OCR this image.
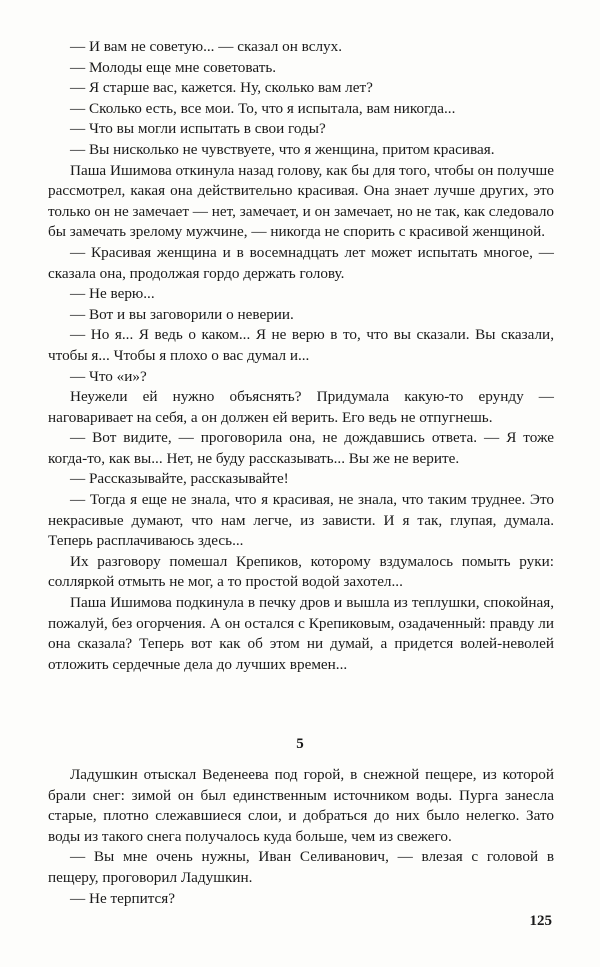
— И вам не советую... — сказал он вслух.

— Молоды еще мне советовать.

— Я старше вас, кажется. Ну, сколько вам лет?

— Сколько есть, все мои. То, что я испытала, вам никогда...

— Что вы могли испытать в свои годы?

— Вы нисколько не чувствуете, что я женщина, притом красивая.

Паша Ишимова откинула назад голову, как бы для того, чтобы он получше рассмотрел, какая она действительно красивая. Она знает лучше других, это только он не замечает — нет, замечает, и он замечает, но не так, как следовало бы замечать зрелому мужчине, — никогда не спорить с красивой женщиной.

— Красивая женщина и в восемнадцать лет может испытать многое, — сказала она, продолжая гордо держать голову.

— Не верю...

— Вот и вы заговорили о неверии.

— Но я... Я ведь о каком... Я не верю в то, что вы сказали. Вы сказали, чтобы я... Чтобы я плохо о вас думал и...

— Что «и»?

Неужели ей нужно объяснять? Придумала какую-то ерунду — наговаривает на себя, а он должен ей верить. Его ведь не отпугнешь.

— Вот видите, — проговорила она, не дождавшись ответа. — Я тоже когда-то, как вы... Нет, не буду рассказывать... Вы же не верите.

— Рассказывайте, рассказывайте!

— Тогда я еще не знала, что я красивая, не знала, что таким труднее. Это некрасивые думают, что нам легче, из зависти. И я так, глупая, думала. Теперь расплачиваюсь здесь...

Их разговору помешал Крепиков, которому вздумалось помыть руки: солляркой отмыть не мог, а то простой водой захотел...

Паша Ишимова подкинула в печку дров и вышла из теплушки, спокойная, пожалуй, без огорчения. А он остался с Крепиковым, озадаченный: правду ли она сказала? Теперь вот как об этом ни думай, а придется волей-неволей отложить сердечные дела до лучших времен...

5

Ладушкин отыскал Веденеева под горой, в снежной пещере, из которой брали снег: зимой он был единственным источником воды. Пурга занесла старые, плотно слежавшиеся слои, и добраться до них было нелегко. Зато воды из такого снега получалось куда больше, чем из свежего.

— Вы мне очень нужны, Иван Селиванович, — влезая с головой в пещеру, проговорил Ладушкин.

— Не терпится?

125
